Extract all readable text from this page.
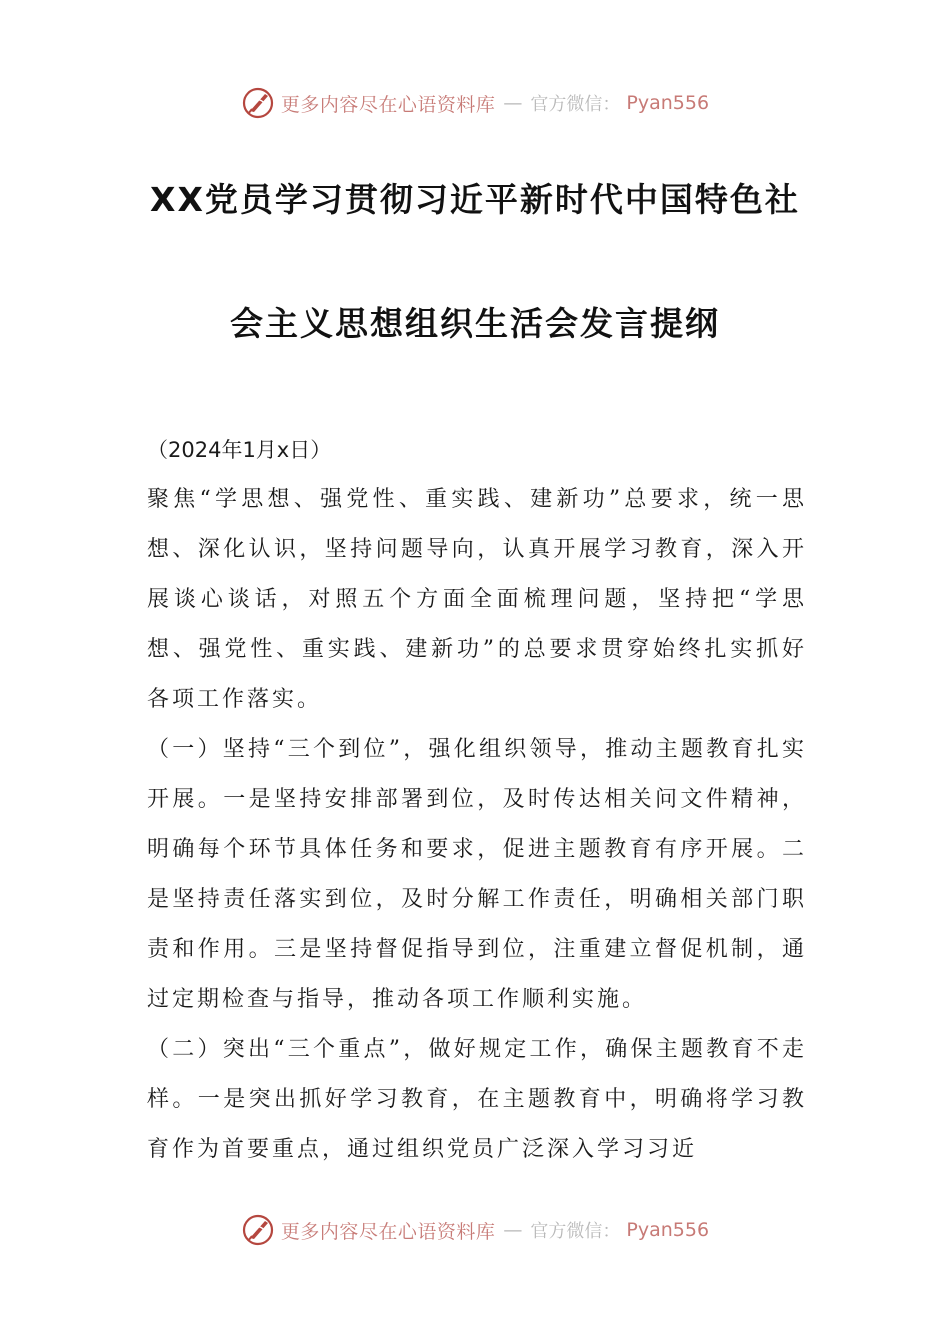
更多内容尽在心语资料库 — 官方微信： Pyan556
XX党员学习贯彻习近平新时代中国特色社
会主义思想组织生活会发言提纲

（2024年1月x日）

聚焦“学思想、强党性、重实践、建新功”总要求，统一思想、深化认识，坚持问题导向，认真开展学习教育，深入开展谈心谈话，对照五个方面全面梳理问题，坚持把“学思想、强党性、重实践、建新功”的总要求贯穿始终扎实抓好各项工作落实。

（一）坚持“三个到位”，强化组织领导，推动主题教育扎实开展。一是坚持安排部署到位，及时传达相关问文件精神，明确每个环节具体任务和要求，促进主题教育有序开展。二是坚持责任落实到位，及时分解工作责任，明确相关部门职责和作用。三是坚持督促指导到位，注重建立督促机制，通过定期检查与指导，推动各项工作顺利实施。

（二）突出“三个重点”，做好规定工作，确保主题教育不走样。一是突出抓好学习教育，在主题教育中，明确将学习教育作为首要重点，通过组织党员广泛深入学习习近

更多内容尽在心语资料库 — 官方微信： Pyan556
